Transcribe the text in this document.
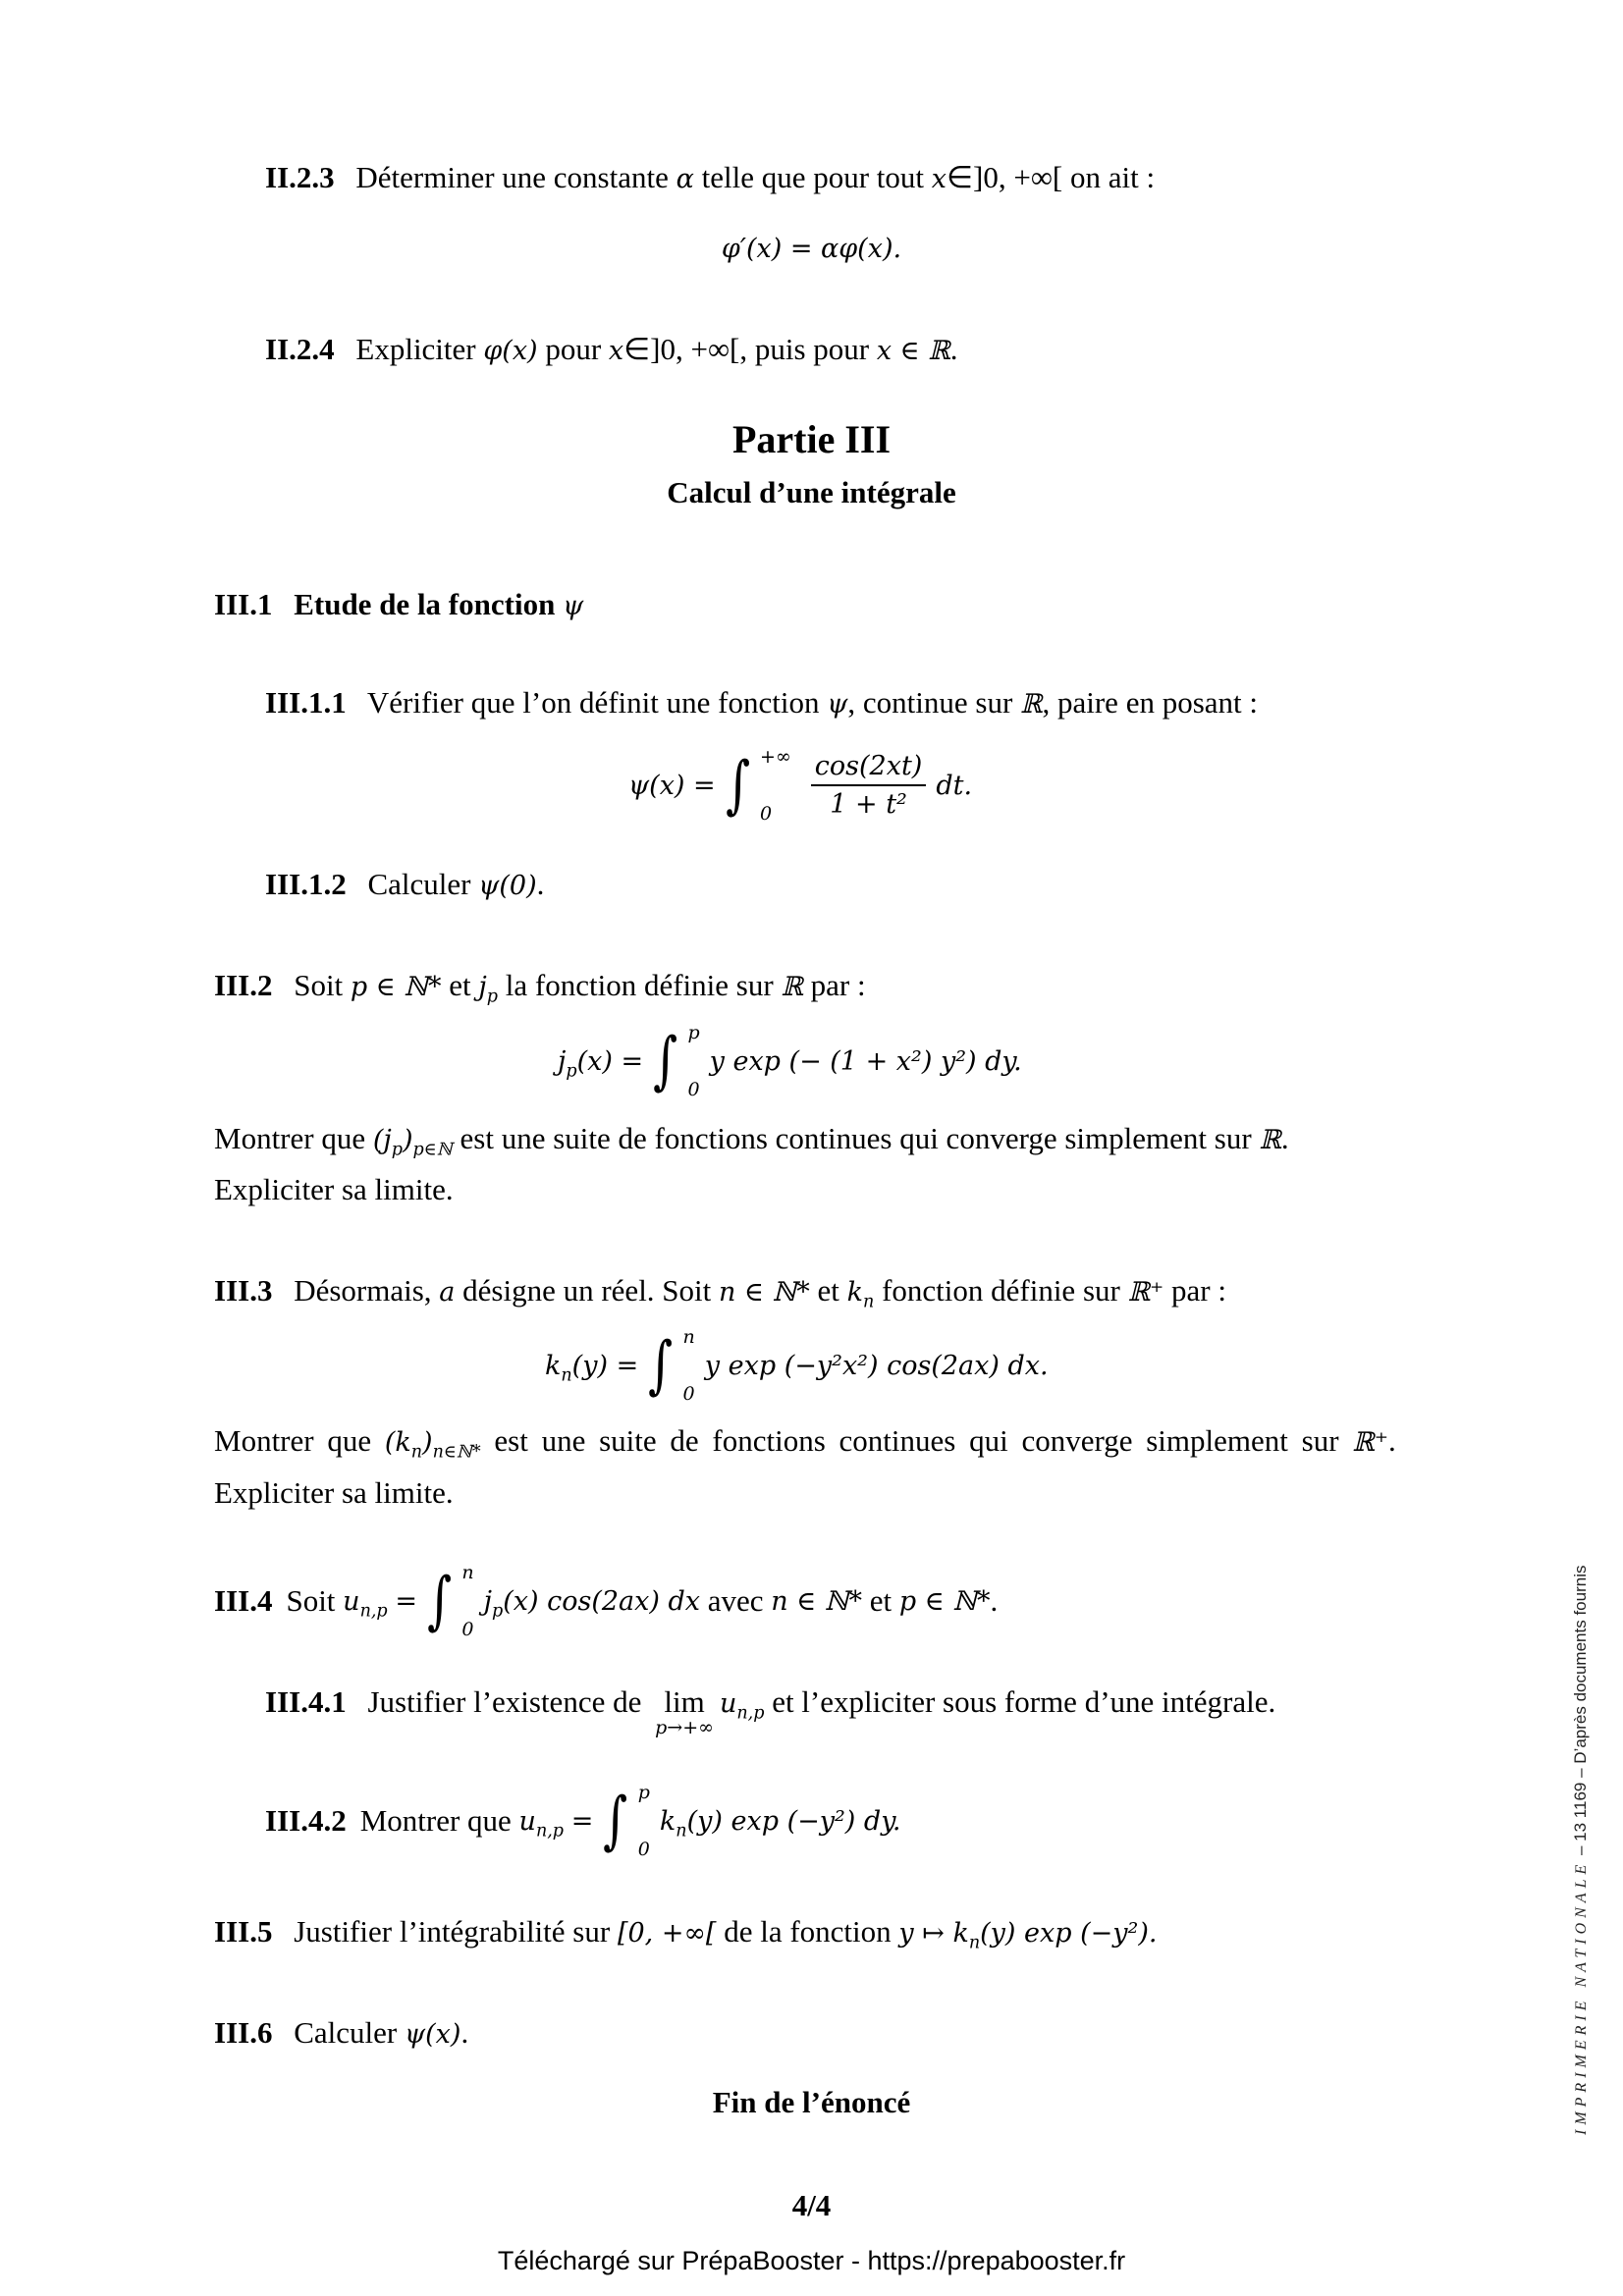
II.2.3 Déterminer une constante α telle que pour tout x∈]0, +∞[ on ait :
φ′(x) = αφ(x).
II.2.4 Expliciter φ(x) pour x∈]0, +∞[, puis pour x ∈ ℝ.
Partie III
Calcul d’une intégrale
III.1 Etude de la fonction ψ
III.1.1 Vérifier que l’on définit une fonction ψ, continue sur ℝ, paire en posant :
ψ(x) = ∫ +∞
0	$\frac{\cos(2xt)}{\text{1 + t²}}$ dt.
III.1.2 Calculer ψ(0).
III.2 Soit p ∈ ℕ* et $j_p$ la fonction définie sur ℝ par :
$j_p(x)$ = ∫ p
0
y exp (− (1 + x²) y²) dy.
Montrer que $(j_p)_{p\in ℕ}$ est une suite de fonctions continues qui converge simplement sur ℝ.
Expliciter sa limite.
III.3 Désormais, a désigne un réel. Soit n ∈ ℕ* et $k_n$ fonction définie sur ℝ⁺ par :
$k_n(y)$ = ∫ n
0
y exp (−y²x²) cos(2ax) dx.
Montrer que $(k_n)_{n\in ℕ*}$ est une suite de fonctions continues qui converge simplement sur ℝ⁺.
Expliciter sa limite.
III.4 Soit
$u_{n,p}$
= ∫ n
0
$j_p(x)$ cos(2ax) dx
avec
n ∈ ℕ*
et
p ∈ ℕ* .
III.4.1 Justifier l’existence de lim
p→+∞
$u_{n,p}$ et l’expliciter sous forme d’une intégrale.
III.4.2 Montrer que
$u_{n,p}$
= ∫ p
0
$k_n(y)$ exp (−y²) dy.
III.5 Justifier l’intégrabilité sur [0, +∞[ de la fonction y ↦ $k_n(y)$ exp (−y²).
III.6 Calculer ψ(x).
Fin de l’énoncé
4/4
Téléchargé sur PrépaBooster - https://prepabooster.fr
IMPRIMERIE NATIONALE – 13 1169 – D’après documents fournis
